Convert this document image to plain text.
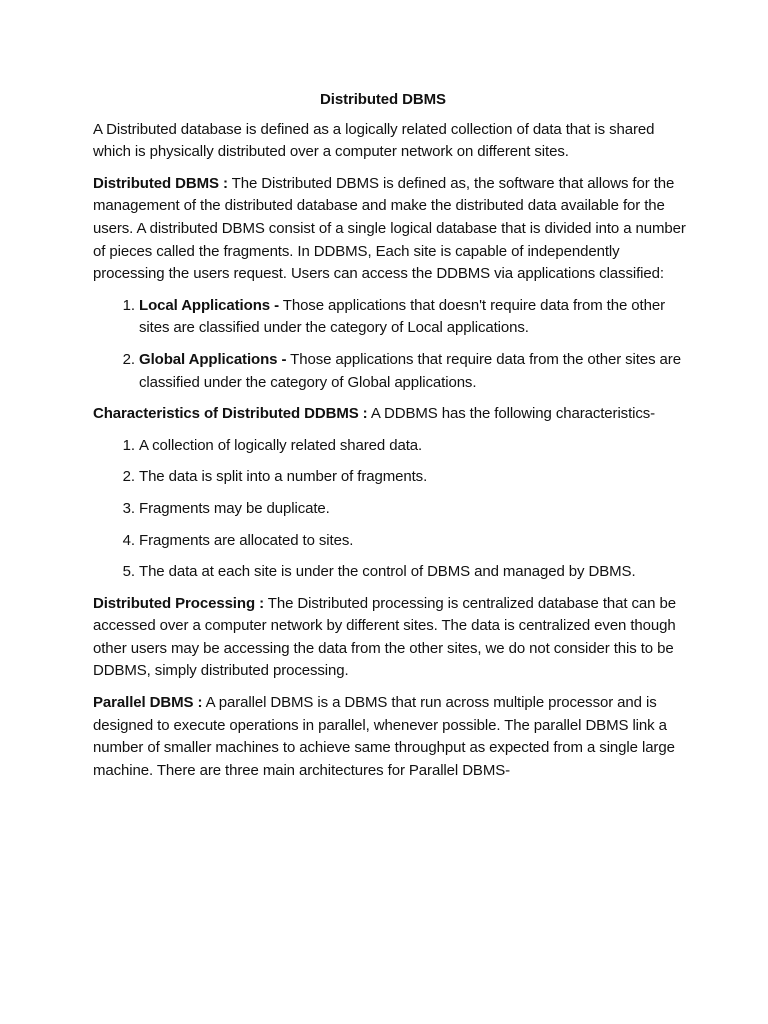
Distributed DBMS

A Distributed database is defined as a logically related collection of data that is shared which is physically distributed over a computer network on different sites.

Distributed DBMS : The Distributed DBMS is defined as, the software that allows for the management of the distributed database and make the distributed data available for the users. A distributed DBMS consist of a single logical database that is divided into a number of pieces called the fragments. In DDBMS, Each site is capable of independently processing the users request. Users can access the DDBMS via applications classified:

1. Local Applications - Those applications that doesn't require data from the other sites are classified under the category of Local applications.
2. Global Applications - Those applications that require data from the other sites are classified under the category of Global applications.

Characteristics of Distributed DDBMS : A DDBMS has the following characteristics-

1. A collection of logically related shared data.
2. The data is split into a number of fragments.
3. Fragments may be duplicate.
4. Fragments are allocated to sites.
5. The data at each site is under the control of DBMS and managed by DBMS.

Distributed Processing : The Distributed processing is centralized database that can be accessed over a computer network by different sites. The data is centralized even though other users may be accessing the data from the other sites, we do not consider this to be DDBMS, simply distributed processing.

Parallel DBMS : A parallel DBMS is a DBMS that run across multiple processor and is designed to execute operations in parallel, whenever possible. The parallel DBMS link a number of smaller machines to achieve same throughput as expected from a single large machine. There are three main architectures for Parallel DBMS-
